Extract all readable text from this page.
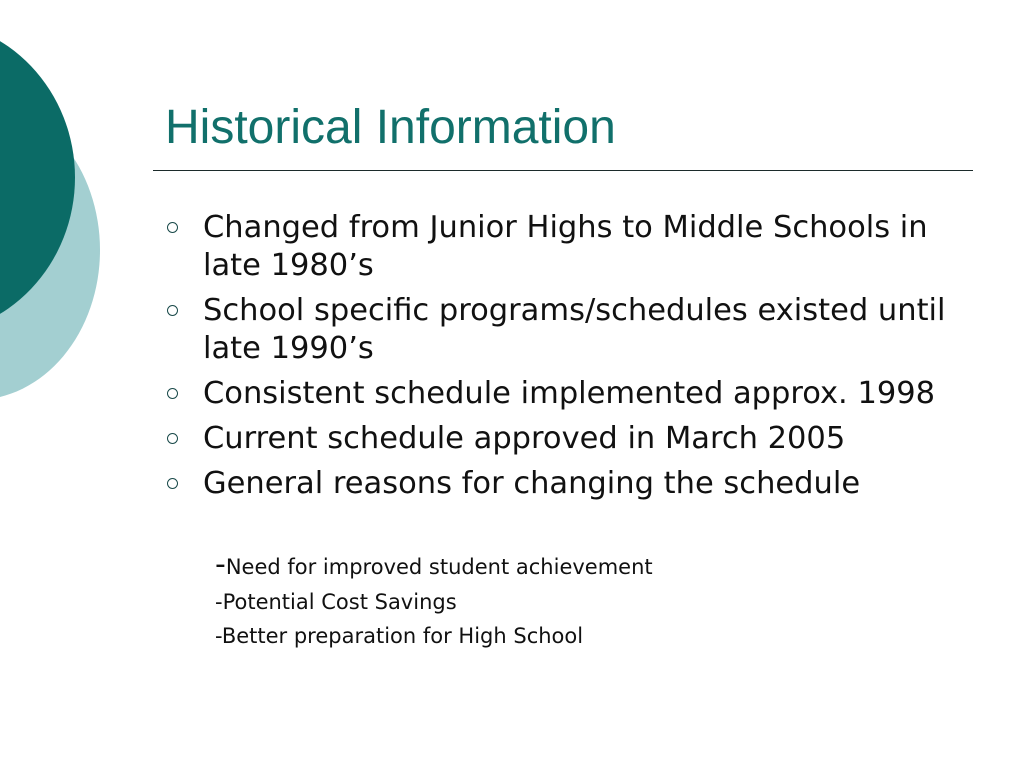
Historical Information
Changed from Junior Highs to Middle Schools in late 1980’s
School specific programs/schedules existed until late 1990’s
Consistent schedule implemented approx. 1998
Current schedule approved in March 2005
General reasons for changing the schedule
-Need for improved student achievement
-Potential Cost Savings
-Better preparation for High School
